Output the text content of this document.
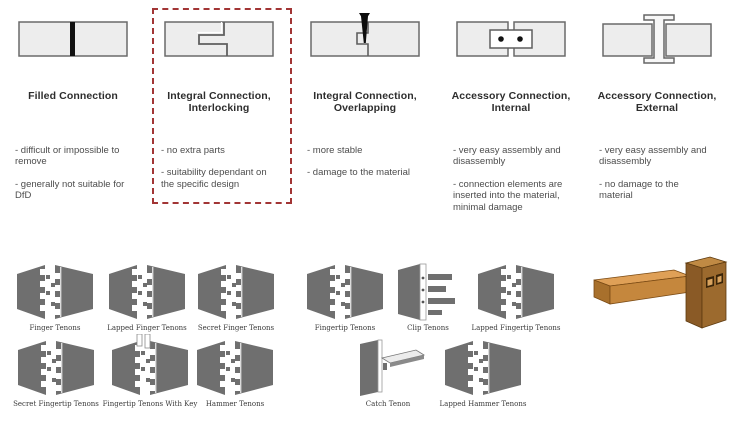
Filled Connection

- difficult or impossible to remove

- generally not suitable for DfD

Integral Connection,
Interlocking

- no extra parts

- suitability dependant on the specific design

Integral Connection,
Overlapping

- more stable

- damage to the material

Accessory Connection,
Internal

- very easy assembly and disassembly

- connection elements are inserted into the material, minimal damage

Accessory Connection,
External

- very easy assembly and disassembly

- no damage to the material

Finger Tenons	Lapped Finger Tenons	Secret Finger Tenons	Fingertip Tenons	Clip Tenons	Lapped Fingertip Tenons
Secret Fingertip Tenons Fingertip Tenons With Key	Hammer Tenons	Catch Tenon	Lapped Hammer Tenons
